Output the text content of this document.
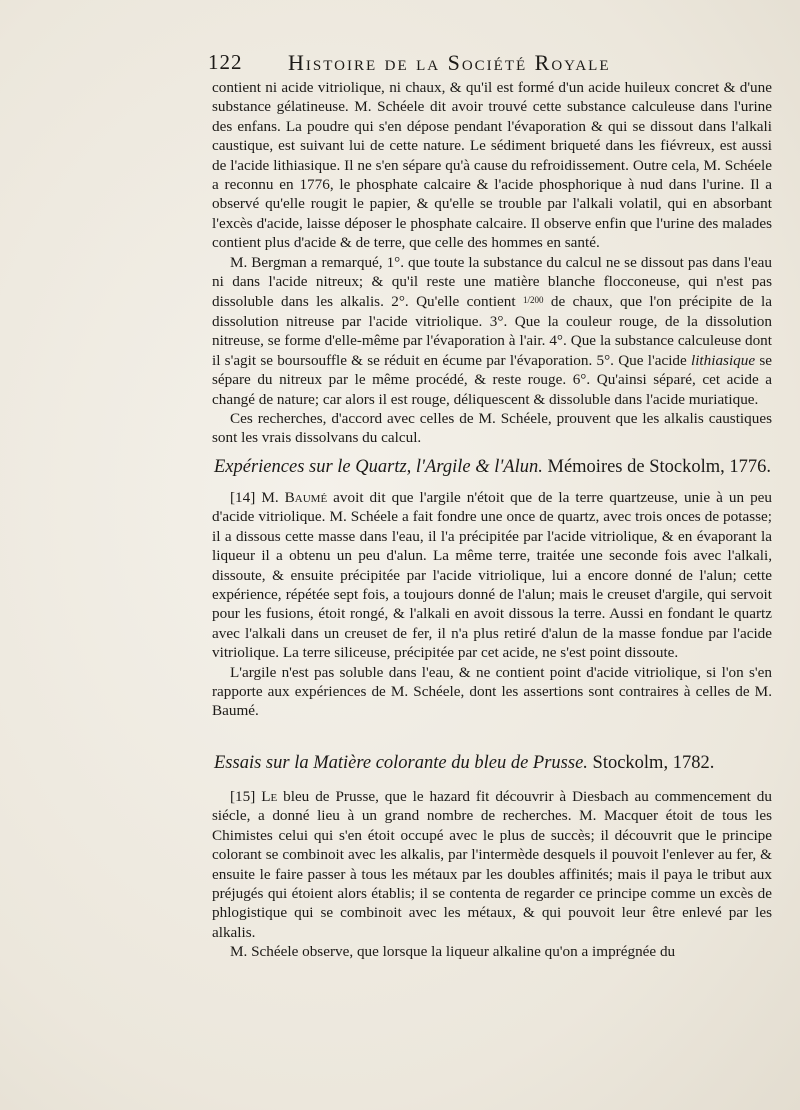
122 Histoire de la Société Royale

contient ni acide vitriolique, ni chaux, & qu'il est formé d'un acide huileux concret & d'une substance gélatineuse. M. Schéele dit avoir trouvé cette substance calculeuse dans l'urine des enfans. La poudre qui s'en dépose pendant l'évaporation & qui se dissout dans l'alkali caustique, est suivant lui de cette nature. Le sédiment briqueté dans les fiévreux, est aussi de l'acide lithiasique. Il ne s'en sépare qu'à cause du refroidissement. Outre cela, M. Schéele a reconnu en 1776, le phosphate calcaire & l'acide phosphorique à nud dans l'urine. Il a observé qu'elle rougit le papier, & qu'elle se trouble par l'alkali volatil, qui en absorbant l'excès d'acide, laisse déposer le phosphate calcaire. Il observe enfin que l'urine des malades contient plus d'acide & de terre, que celle des hommes en santé.

M. Bergman a remarqué, 1°. que toute la substance du calcul ne se dissout pas dans l'eau ni dans l'acide nitreux; & qu'il reste une matière blanche flocconeuse, qui n'est pas dissoluble dans les alkalis. 2°. Qu'elle contient 1/200 de chaux, que l'on précipite de la dissolution nitreuse par l'acide vitriolique. 3°. Que la couleur rouge, de la dissolution nitreuse, se forme d'elle-même par l'évaporation à l'air. 4°. Que la substance calculeuse dont il s'agit se boursouffle & se réduit en écume par l'évaporation. 5°. Que l'acide lithiasique se sépare du nitreux par le même procédé, & reste rouge. 6°. Qu'ainsi séparé, cet acide a changé de nature; car alors il est rouge, déliquescent & dissoluble dans l'acide muriatique.

Ces recherches, d'accord avec celles de M. Schéele, prouvent que les alkalis caustiques sont les vrais dissolvans du calcul.

Expériences sur le Quartz, l'Argile & l'Alun. Mémoires de Stockolm, 1776.

[14] M. Baumé avoit dit que l'argile n'étoit que de la terre quartzeuse, unie à un peu d'acide vitriolique. M. Schéele a fait fondre une once de quartz, avec trois onces de potasse; il a dissous cette masse dans l'eau, il l'a précipitée par l'acide vitriolique, & en évaporant la liqueur il a obtenu un peu d'alun. La même terre, traitée une seconde fois avec l'alkali, dissoute, & ensuite précipitée par l'acide vitriolique, lui a encore donné de l'alun; cette expérience, répétée sept fois, a toujours donné de l'alun; mais le creuset d'argile, qui servoit pour les fusions, étoit rongé, & l'alkali en avoit dissous la terre. Aussi en fondant le quartz avec l'alkali dans un creuset de fer, il n'a plus retiré d'alun de la masse fondue par l'acide vitriolique. La terre siliceuse, précipitée par cet acide, ne s'est point dissoute.

L'argile n'est pas soluble dans l'eau, & ne contient point d'acide vitriolique, si l'on s'en rapporte aux expériences de M. Schéele, dont les assertions sont contraires à celles de M. Baumé.

Essais sur la Matière colorante du bleu de Prusse. Stockolm, 1782.

[15] Le bleu de Prusse, que le hazard fit découvrir à Diesbach au commencement du siécle, a donné lieu à un grand nombre de recherches. M. Macquer étoit de tous les Chimistes celui qui s'en étoit occupé avec le plus de succès; il découvrit que le principe colorant se combinoit avec les alkalis, par l'intermède desquels il pouvoit l'enlever au fer, & ensuite le faire passer à tous les métaux par les doubles affinités; mais il paya le tribut aux préjugés qui étoient alors établis; il se contenta de regarder ce principe comme un excès de phlogistique qui se combinoit avec les métaux, & qui pouvoit leur être enlevé par les alkalis.

M. Schéele observe, que lorsque la liqueur alkaline qu'on a imprégnée du
